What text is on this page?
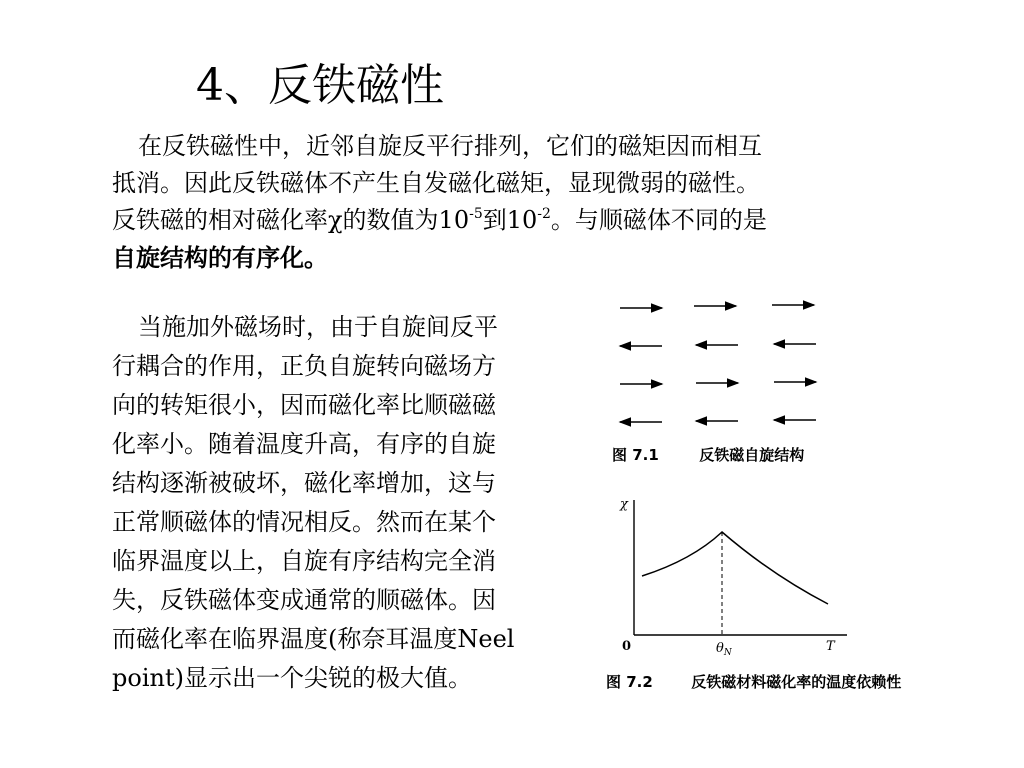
4、反铁磁性
在反铁磁性中，近邻自旋反平行排列，它们的磁矩因而相互
抵消。因此反铁磁体不产生自发磁化磁矩，显现微弱的磁性。
反铁磁的相对磁化率χ的数值为$10^{-5}$到$10^{-2}$。与顺磁体不同的是
自旋结构的有序化。
当施加外磁场时，由于自旋间反平
行耦合的作用，正负自旋转向磁场方
向的转矩很小，因而磁化率比顺磁磁
化率小。随着温度升高，有序的自旋
结构逐渐被破坏，磁化率增加，这与
正常顺磁体的情况相反。然而在某个
临界温度以上，自旋有序结构完全消
失，反铁磁体变成通常的顺磁体。因
而磁化率在临界温度(称奈耳温度Neel
point)显示出一个尖锐的极大值。
图 7.1	反铁磁自旋结构
χ
0	$\theta_N$	T
图 7.2	反铁磁材料磁化率的温度依赖性
